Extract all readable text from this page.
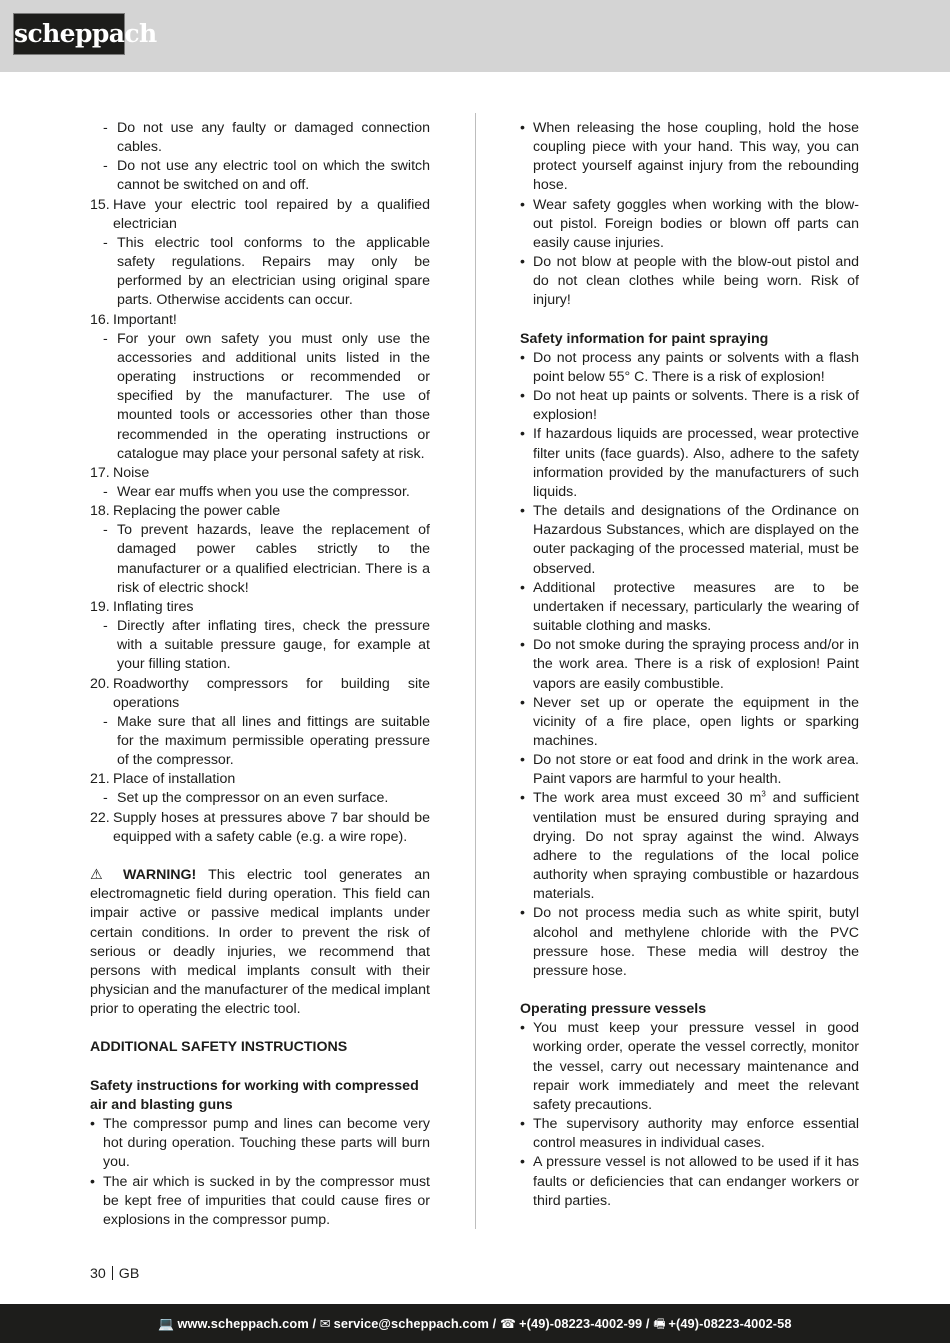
scheppach
- Do not use any faulty or damaged connection cables.
- Do not use any electric tool on which the switch cannot be switched on and off.
15. Have your electric tool repaired by a qualified electrician
- This electric tool conforms to the applicable safety regulations. Repairs may only be performed by an electrician using original spare parts. Otherwise accidents can occur.
16. Important!
- For your own safety you must only use the accessories and additional units listed in the operating instructions or recommended or specified by the manufacturer. The use of mounted tools or accessories other than those recommended in the operating instructions or catalogue may place your personal safety at risk.
17. Noise
- Wear ear muffs when you use the compressor.
18. Replacing the power cable
- To prevent hazards, leave the replacement of damaged power cables strictly to the manufacturer or a qualified electrician. There is a risk of electric shock!
19. Inflating tires
- Directly after inflating tires, check the pressure with a suitable pressure gauge, for example at your filling station.
20. Roadworthy compressors for building site operations
- Make sure that all lines and fittings are suitable for the maximum permissible operating pressure of the compressor.
21. Place of installation
- Set up the compressor on an even surface.
22. Supply hoses at pressures above 7 bar should be equipped with a safety cable (e.g. a wire rope).

⚠ WARNING! This electric tool generates an electromagnetic field during operation. This field can impair active or passive medical implants under certain conditions. In order to prevent the risk of serious or deadly injuries, we recommend that persons with medical implants consult with their physician and the manufacturer of the medical implant prior to operating the electric tool.

ADDITIONAL SAFETY INSTRUCTIONS

Safety instructions for working with compressed air and blasting guns

• The compressor pump and lines can become very hot during operation. Touching these parts will burn you.
• The air which is sucked in by the compressor must be kept free of impurities that could cause fires or explosions in the compressor pump.
• When releasing the hose coupling, hold the hose coupling piece with your hand. This way, you can protect yourself against injury from the rebounding hose.
• Wear safety goggles when working with the blow-out pistol. Foreign bodies or blown off parts can easily cause injuries.
• Do not blow at people with the blow-out pistol and do not clean clothes while being worn. Risk of injury!

Safety information for paint spraying

• Do not process any paints or solvents with a flash point below 55° C. There is a risk of explosion!
• Do not heat up paints or solvents. There is a risk of explosion!
• If hazardous liquids are processed, wear protective filter units (face guards). Also, adhere to the safety information provided by the manufacturers of such liquids.
• The details and designations of the Ordinance on Hazardous Substances, which are displayed on the outer packaging of the processed material, must be observed.
• Additional protective measures are to be undertaken if necessary, particularly the wearing of suitable clothing and masks.
• Do not smoke during the spraying process and/or in the work area. There is a risk of explosion! Paint vapors are easily combustible.
• Never set up or operate the equipment in the vicinity of a fire place, open lights or sparking machines.
• Do not store or eat food and drink in the work area. Paint vapors are harmful to your health.
• The work area must exceed 30 $m^3$ and sufficient ventilation must be ensured during spraying and drying. Do not spray against the wind. Always adhere to the regulations of the local police authority when spraying combustible or hazardous materials.
• Do not process media such as white spirit, butyl alcohol and methylene chloride with the PVC pressure hose. These media will destroy the pressure hose.

Operating pressure vessels

• You must keep your pressure vessel in good working order, operate the vessel correctly, monitor the vessel, carry out necessary maintenance and repair work immediately and meet the relevant safety precautions.
• The supervisory authority may enforce essential control measures in individual cases.
• A pressure vessel is not allowed to be used if it has faults or deficiencies that can endanger workers or third parties.
30 GB
💻 www.scheppach.com / ✉ service@scheppach.com / ☎ +(49)-08223-4002-99 / 🖷 +(49)-08223-4002-58
